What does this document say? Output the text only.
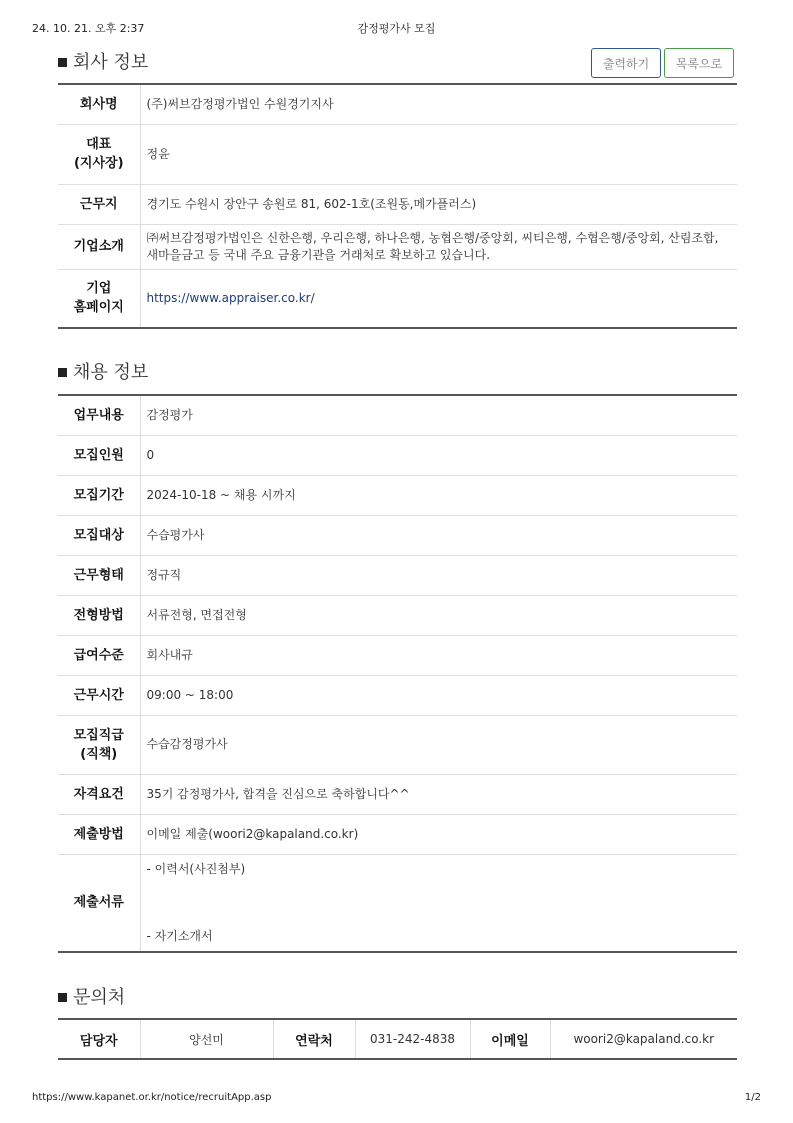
24. 10. 21. 오후 2:37	감정평가사 모집
회사 정보	출력하기	목록으로
회사명	(주)써브감정평가법인 수원경기지사
대표
(지사장)	정윤
근무지	경기도 수원시 장안구 송원로 81, 602-1호(조원동,메가플러스)
기업소개	㈜써브감정평가법인은 신한은행, 우리은행, 하나은행, 농협은행/중앙회, 씨티은행, 수협은행/중앙회, 산림조합, 새마을금고 등 국내 주요 금융기관을 거래처로 확보하고 있습니다.
기업
홈페이지	https://www.appraiser.co.kr/
채용 정보
업무내용	감정평가
모집인원	0
모집기간	2024-10-18 ~ 채용 시까지
모집대상	수습평가사
근무형태	정규직
전형방법	서류전형, 면접전형
급여수준	회사내규
근무시간	09:00 ~ 18:00
모집직급
(직책)	수습감정평가사
자격요건	35기 감정평가사, 합격을 진심으로 축하합니다^^
제출방법	이메일 제출(woori2@kapaland.co.kr)
제출서류	- 이력서(사진첨부)
- 자기소개서
문의처
담당자	양선미	연락처	031-242-4838	이메일	woori2@kapaland.co.kr
https://www.kapanet.or.kr/notice/recruitApp.asp	1/2
